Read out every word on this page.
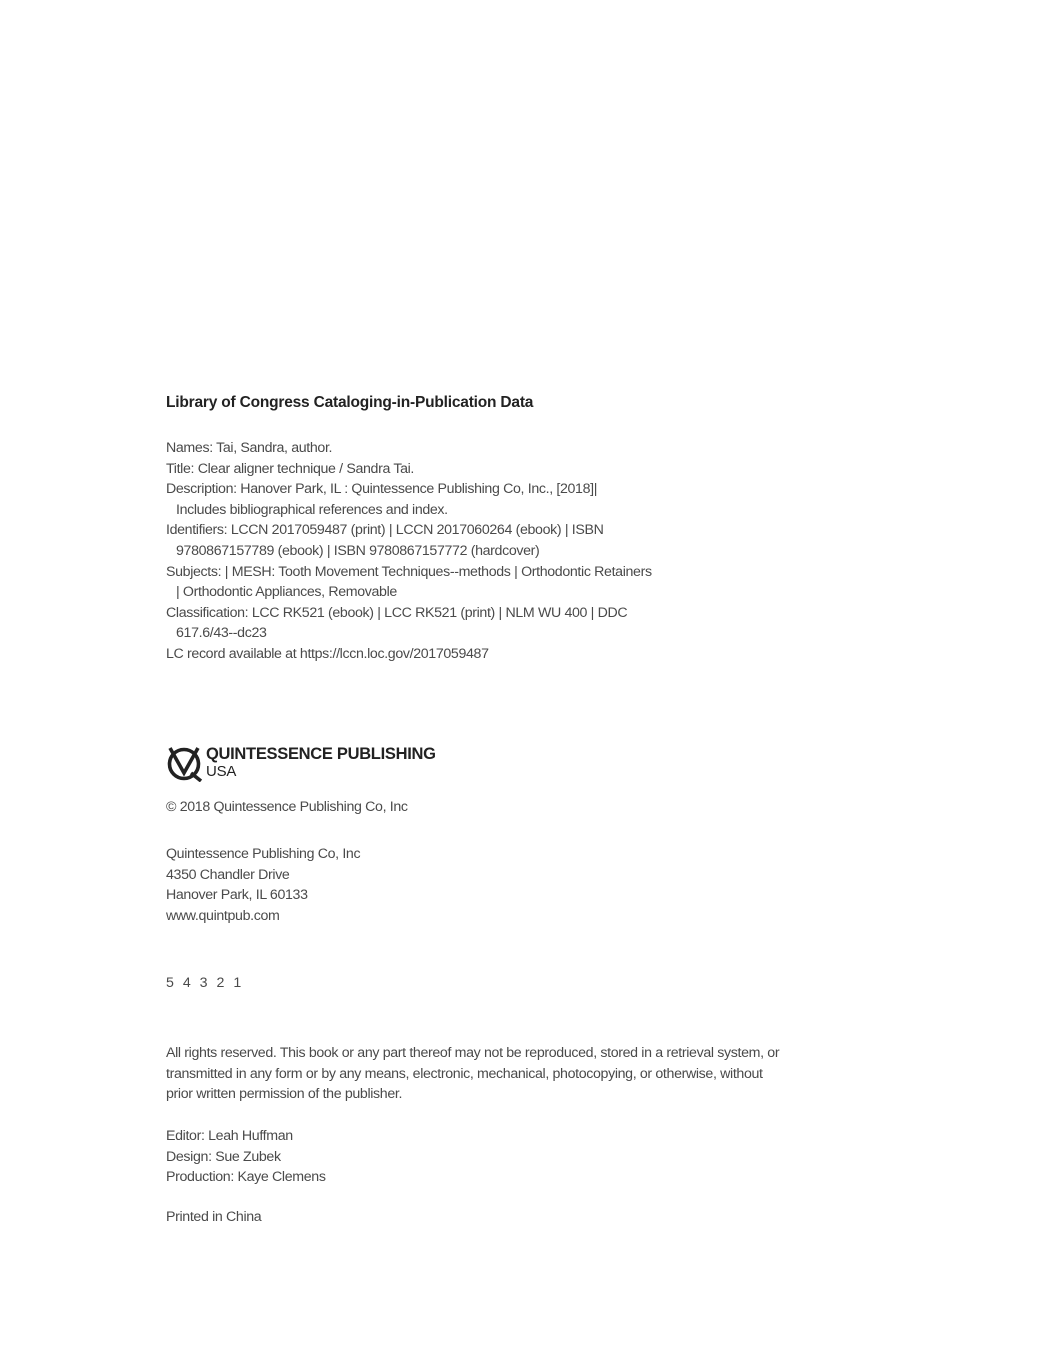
Library of Congress Cataloging-in-Publication Data
Names: Tai, Sandra, author.
Title: Clear aligner technique / Sandra Tai.
Description: Hanover Park, IL : Quintessence Publishing Co, Inc., [2018]|
Includes bibliographical references and index.
Identifiers: LCCN 2017059487 (print) | LCCN 2017060264 (ebook) | ISBN
9780867157789 (ebook) | ISBN 9780867157772 (hardcover)
Subjects: | MESH: Tooth Movement Techniques--methods | Orthodontic Retainers
| Orthodontic Appliances, Removable
Classification: LCC RK521 (ebook) | LCC RK521 (print) | NLM WU 400 | DDC
617.6/43--dc23
LC record available at https://lccn.loc.gov/2017059487
QUINTESSENCE PUBLISHING
USA
© 2018 Quintessence Publishing Co, Inc
Quintessence Publishing Co, Inc
4350 Chandler Drive
Hanover Park, IL 60133
www.quintpub.com
5 4 3 2 1
All rights reserved. This book or any part thereof may not be reproduced, stored in a retrieval system, or
transmitted in any form or by any means, electronic, mechanical, photocopying, or otherwise, without
prior written permission of the publisher.
Editor: Leah Huffman
Design: Sue Zubek
Production: Kaye Clemens
Printed in China
